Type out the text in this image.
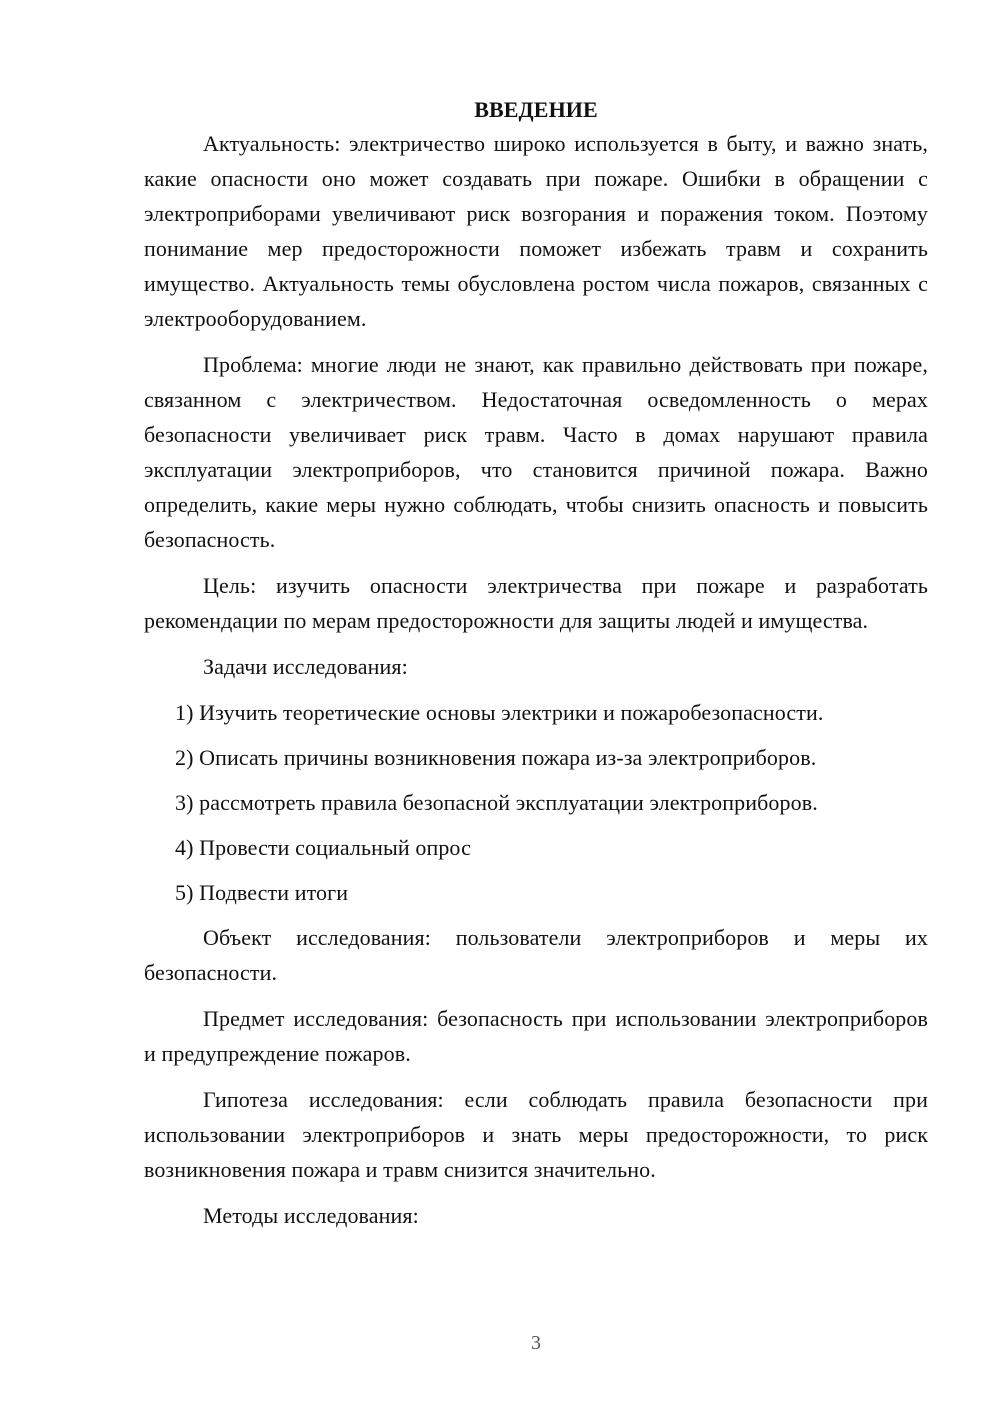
ВВЕДЕНИЕ

Актуальность: электричество широко используется в быту, и важно знать, какие опасности оно может создавать при пожаре. Ошибки в обращении с электроприборами увеличивают риск возгорания и поражения током. Поэтому понимание мер предосторожности поможет избежать травм и сохранить имущество. Актуальность темы обусловлена ростом числа пожаров, связанных с электрооборудованием.

Проблема: многие люди не знают, как правильно действовать при пожаре, связанном с электричеством. Недостаточная осведомленность о мерах безопасности увеличивает риск травм. Часто в домах нарушают правила эксплуатации электроприборов, что становится причиной пожара. Важно определить, какие меры нужно соблюдать, чтобы снизить опасность и повысить безопасность.

Цель: изучить опасности электричества при пожаре и разработать рекомендации по мерам предосторожности для защиты людей и имущества.

Задачи исследования:

1) Изучить теоретические основы электрики и пожаробезопасности.
2) Описать причины возникновения пожара из-за электроприборов.
3) рассмотреть правила безопасной эксплуатации электроприборов.
4) Провести социальный опрос
5) Подвести итоги

Объект исследования: пользователи электроприборов и меры их безопасности.

Предмет исследования: безопасность при использовании электроприборов и предупреждение пожаров.

Гипотеза исследования: если соблюдать правила безопасности при использовании электроприборов и знать меры предосторожности, то риск возникновения пожара и травм снизится значительно.

Методы исследования:

3
